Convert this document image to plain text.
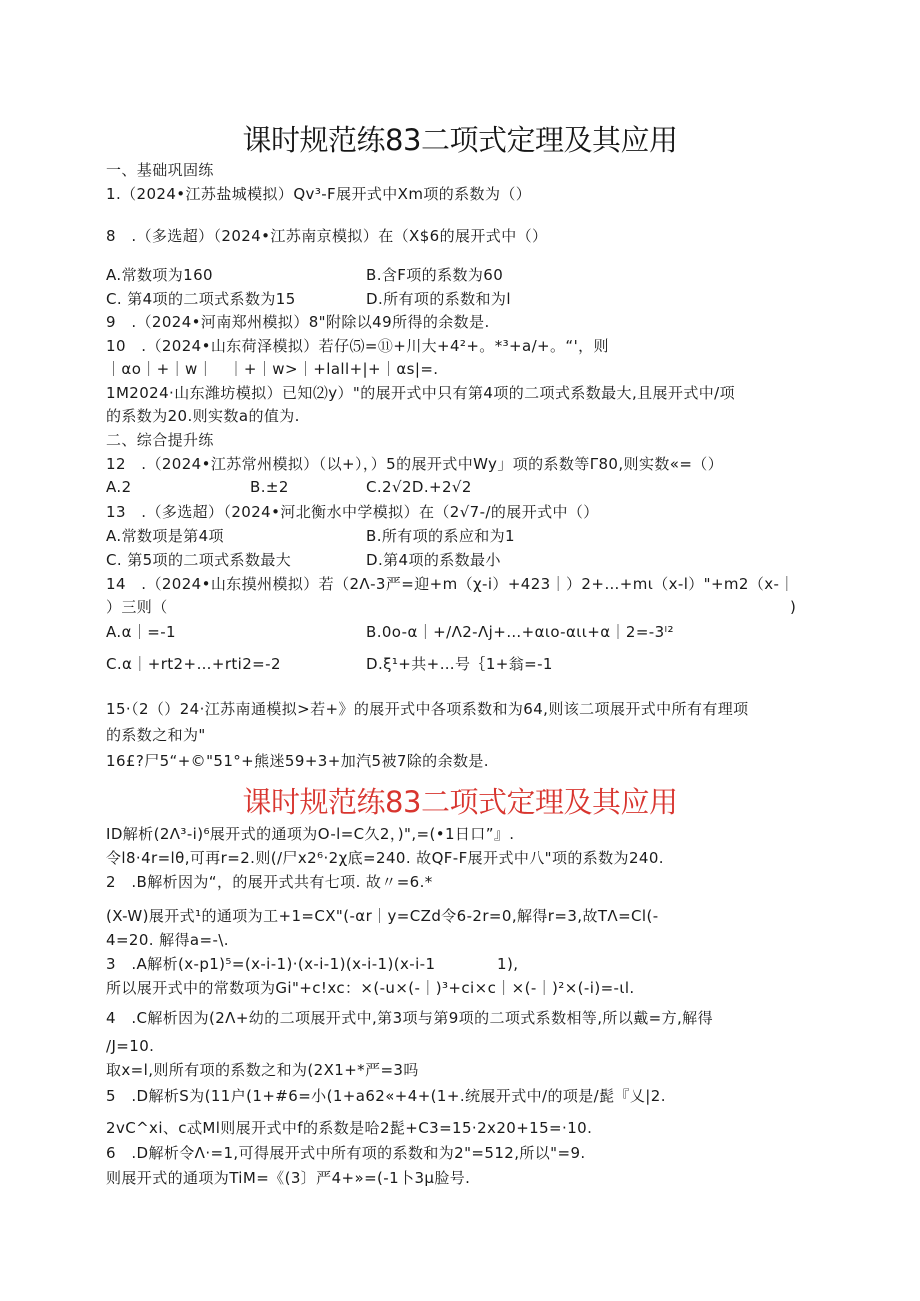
课时规范练83二项式定理及其应用
一、基础巩固练
1.（2024•江苏盐城模拟）Qv³-F展开式中Xm项的系数为（）
8　.（多选超）（2024•江苏南京模拟）在（X$6的展开式中（）
A.常数项为160	B.含F项的系数为60
C. 第4项的二项式系数为15	D.所有项的系数和为l
9　.（2024•河南郑州模拟）8"附除以49所得的余数是.
10　.（2024•山东荷泽模拟）若仔⑸=⑪+川大+4²+。*³+a/+。“'，则
｜αo｜+｜w｜　｜+｜w>｜+lall+|+｜αs|=.
1M2024·山东潍坊模拟）已知⑵y）"的展开式中只有第4项的二项式系数最大,且展开式中/项
的系数为20.则实数a的值为.
二、综合提升练
12　.（2024•江苏常州模拟）（以+），）5的展开式中Wy」项的系数等Γ80,则实数«=（）
A.2	B.±2	C.2√2D.+2√2
13　.（多选超）（2024•河北衡水中学模拟）在（2√7-/的展开式中（）
A.常数项是第4项	B.所有项的系应和为1
C. 第5项的二项式系数最大	D.第4项的系数最小
14　.（2024•山东摸州模拟）若（2Λ-3严=迎+m（χ-i）+423｜）2+…+mι（x-l）"+m2（x-｜
）三则（	)
A.α｜=-1	B.0o-α｜+/Λ2-Λj+…+αιo-αιι+α｜2=-3ˡ²
C.α｜+rt2+…+rti2=-2	D.ξ¹+共+…号｛1+翁=-1
15·（2（）24·江苏南通模拟>若+》的展开式中各项系数和为64,则该二项展开式中所有有理项
的系数之和为"
16£?尸5“+©"51°+熊迷59+3+加汽5被7除的余数是.
课时规范练83二项式定理及其应用
ID解析(2Λ³-i)⁶展开式的通项为O-l=C久2，)",=(•1日口”』.
令l8·4r=lθ,可再r=2.则(/尸x2⁶·2χ底=240. 故QF-F展开式中八"项的系数为240.
2　.B解析因为“，的展开式共有七项. 故〃=6.*
(X-W)展开式¹的通项为工+1=CX"(-αr｜y=CZd令6-2r=0,解得r=3,故TΛ=Cl(-
4=20. 解得a=-\.
3　.A解析(x-p1)⁵=(x-i-1)·(x-i-1)(x-i-1)(x-i-1　　　　1),
所以展开式中的常数项为Gi"+c!xc：×(-u×(-｜)³+ci×c｜×(-｜)²×(-i)=-ιl.
4　.C解析因为(2Λ+幼的二项展开式中,第3项与第9项的二项式系数相等,所以戴=方,解得
/J=10.
取x=l,则所有项的系数之和为(2X1+*严=3吗
5　.D解析S为(11户(1+#6=小(1+a62«+4+(1+.统展开式中/的项是/髭『乂|2.
2vC^xi、c忒Ml则展开式中f的系数是哈2髭+C3=15·2x20+15=·10.
6　.D解析令Λ·=1,可得展开式中所有项的系数和为2"=512,所以"=9.
则展开式的通项为TiM=《(3〕严4+»=(-1卜3μ脸号.
